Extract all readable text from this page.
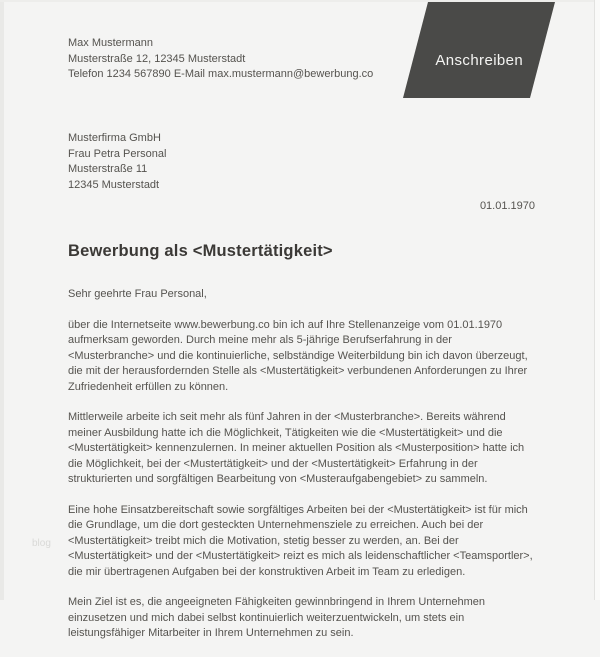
Anschreiben
Max Mustermann
Musterstraße 12, 12345 Musterstadt
Telefon 1234 567890 E-Mail max.mustermann@bewerbung.co
Musterfirma GmbH
Frau Petra Personal
Musterstraße 11
12345 Musterstadt
01.01.1970
Bewerbung als <Mustertätigkeit>

Sehr geehrte Frau Personal,

über die Internetseite www.bewerbung.co bin ich auf Ihre Stellenanzeige vom 01.01.1970 aufmerksam geworden. Durch meine mehr als 5-jährige Berufserfahrung in der <Musterbranche> und die kontinuierliche, selbständige Weiterbildung bin ich davon überzeugt, die mit der herausfordernden Stelle als <Mustertätigkeit> verbundenen Anforderungen zu Ihrer Zufriedenheit erfüllen zu können.

Mittlerweile arbeite ich seit mehr als fünf Jahren in der <Musterbranche>. Bereits während meiner Ausbildung hatte ich die Möglichkeit, Tätigkeiten wie die <Mustertätigkeit> und die <Mustertätigkeit> kennenzulernen. In meiner aktuellen Position als <Musterposition> hatte ich die Möglichkeit, bei der <Mustertätigkeit> und der <Mustertätigkeit> Erfahrung in der strukturierten und sorgfältigen Bearbeitung von <Musteraufgabengebiet> zu sammeln.

Eine hohe Einsatzbereitschaft sowie sorgfältiges Arbeiten bei der <Mustertätigkeit> ist für mich die Grundlage, um die dort gesteckten Unternehmensziele zu erreichen. Auch bei der <Mustertätigkeit> treibt mich die Motivation, stetig besser zu werden, an. Bei der <Mustertätigkeit> und der <Mustertätigkeit> reizt es mich als leidenschaftlicher <Teamsportler>, die mir übertragenen Aufgaben bei der konstruktiven Arbeit im Team zu erledigen.

Mein Ziel ist es, die angeeigneten Fähigkeiten gewinnbringend in Ihrem Unternehmen einzusetzen und mich dabei selbst kontinuierlich weiterzuentwickeln, um stets ein leistungsfähiger Mitarbeiter in Ihrem Unternehmen zu sein.

blog
